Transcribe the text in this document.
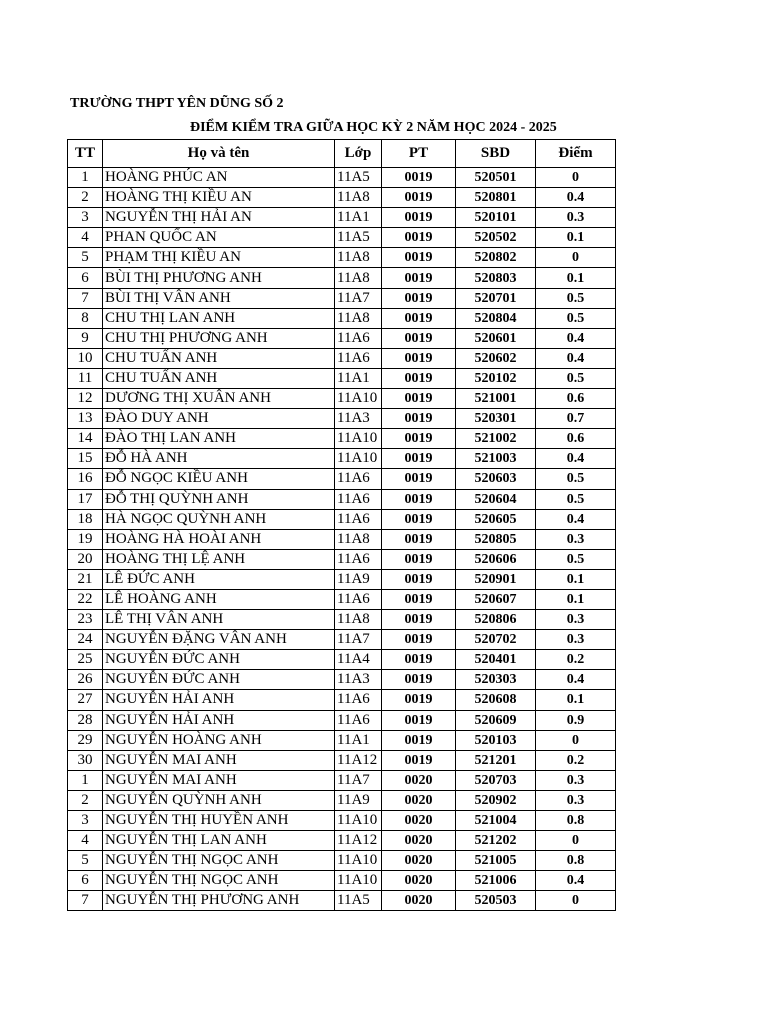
TRƯỜNG THPT YÊN DŨNG SỐ 2
ĐIỂM KIỂM TRA GIỮA HỌC KỲ 2 NĂM HỌC 2024 - 2025
TT	Họ và tên	Lớp	PT	SBD	Điểm
1	HOÀNG PHÚC AN	11A5	0019	520501	0
2	HOÀNG THỊ KIỀU AN	11A8	0019	520801	0.4
3	NGUYỄN THỊ HẢI AN	11A1	0019	520101	0.3
4	PHAN QUỐC AN	11A5	0019	520502	0.1
5	PHẠM THỊ KIỀU AN	11A8	0019	520802	0
6	BÙI THỊ PHƯƠNG ANH	11A8	0019	520803	0.1
7	BÙI THỊ VÂN ANH	11A7	0019	520701	0.5
8	CHU THỊ LAN ANH	11A8	0019	520804	0.5
9	CHU THỊ PHƯƠNG ANH	11A6	0019	520601	0.4
10	CHU TUẤN ANH	11A6	0019	520602	0.4
11	CHU TUẤN ANH	11A1	0019	520102	0.5
12	DƯƠNG THỊ XUÂN ANH	11A10	0019	521001	0.6
13	ĐÀO DUY ANH	11A3	0019	520301	0.7
14	ĐÀO THỊ LAN ANH	11A10	0019	521002	0.6
15	ĐỖ HÀ ANH	11A10	0019	521003	0.4
16	ĐỖ NGỌC KIỀU ANH	11A6	0019	520603	0.5
17	ĐỖ THỊ QUỲNH ANH	11A6	0019	520604	0.5
18	HÀ NGỌC QUỲNH ANH	11A6	0019	520605	0.4
19	HOÀNG HÀ HOÀI ANH	11A8	0019	520805	0.3
20	HOÀNG THỊ LỆ ANH	11A6	0019	520606	0.5
21	LÊ ĐỨC ANH	11A9	0019	520901	0.1
22	LÊ HOÀNG ANH	11A6	0019	520607	0.1
23	LÊ THỊ VÂN ANH	11A8	0019	520806	0.3
24	NGUYỄN ĐẶNG VÂN ANH	11A7	0019	520702	0.3
25	NGUYỄN ĐỨC ANH	11A4	0019	520401	0.2
26	NGUYỄN ĐỨC ANH	11A3	0019	520303	0.4
27	NGUYỄN HẢI ANH	11A6	0019	520608	0.1
28	NGUYỄN HẢI ANH	11A6	0019	520609	0.9
29	NGUYỄN HOÀNG ANH	11A1	0019	520103	0
30	NGUYỄN MAI ANH	11A12	0019	521201	0.2
1	NGUYỄN MAI ANH	11A7	0020	520703	0.3
2	NGUYỄN QUỲNH ANH	11A9	0020	520902	0.3
3	NGUYỄN THỊ HUYỀN ANH	11A10	0020	521004	0.8
4	NGUYỄN THỊ LAN ANH	11A12	0020	521202	0
5	NGUYỄN THỊ NGỌC ANH	11A10	0020	521005	0.8
6	NGUYỄN THỊ NGỌC ANH	11A10	0020	521006	0.4
7	NGUYỄN THỊ PHƯƠNG ANH	11A5	0020	520503	0
